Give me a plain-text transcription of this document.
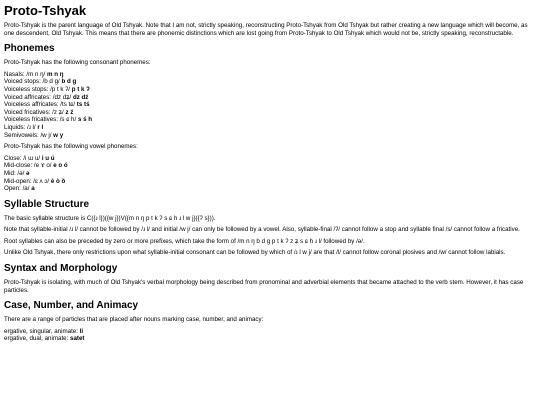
Proto-Tshyak

Proto-Tshyak is the parent language of Old Tshyak. Note that I am not, strictly speaking, reconstructing Proto-Tshyak from Old Tshyak but rather creating a new language which will become, as one descendent, Old Tshyak. This means that there are phonemic distinctions which are lost going from Proto-Tshyak to Old Tshyak which would not be, strictly speaking, reconstructable.

Phonemes

Proto-Tshyak has the following consonant phonemes:

Nasals: /m n ŋ/ m n ŋ
Voiced stops: /b d g/ b d g
Voiceless stops: /p t k ʔ/ p t k ʔ
Voiced affricates: /dz dʑ/ dz dź
Voiceless affricates: /ts tɕ/ ts tś
Voiced fricatives: /z ʑ/ z ź
Voiceless fricatives: /s ɕ h/ s ś h
Liquids: /ɹ l/ r l
Semivowels: /w j/ w y

Proto-Tshyak has the following vowel phonemes:

Close: /i ɯ u/ i u ú
Mid-close: /e ɤ o/ e o ó
Mid: /ə/ ə
Mid-open: /ɛ ʌ ɔ/ è ò ǒ
Open: /a/ a
Syllable Structure

The basic syllable structure is C({ɹ l})({w j})V({m n ŋ p t k ʔ s ɕ h ɹ l w j}({ʔ s})).

Note that syllable-initial /ɹ l/ cannot be followed by /ɹ l/ and initial /w j/ can only be followed by a vowel. Also, syllable-final /ʔ/ cannot follow a stop and syllable final /s/ cannot follow a fricative.

Root syllables can also be preceded by zero or more prefixes, which take the form of /m n ŋ b d g p t k ʔ z ʑ s ɕ h ɹ l/ followed by /ə/.

Unlike Old Tshyak, there only restrictions upon what syllable-initial consonant can be followed by which of /ɹ l w j/ are that /l/ cannot follow coronal plosives and /w/ cannot follow labials.

Syntax and Morphology

Proto-Tshyak is isolating, with much of Old Tshyak's verbal morphology being described from pronominal and adverbial elements that became attached to the verb stem. However, it has case particles.

Case, Number, and Animacy

There are a range of particles that are placed after nouns marking case, number, and animacy:

ergative, singular, animate: li
ergative, dual, animate: satet
